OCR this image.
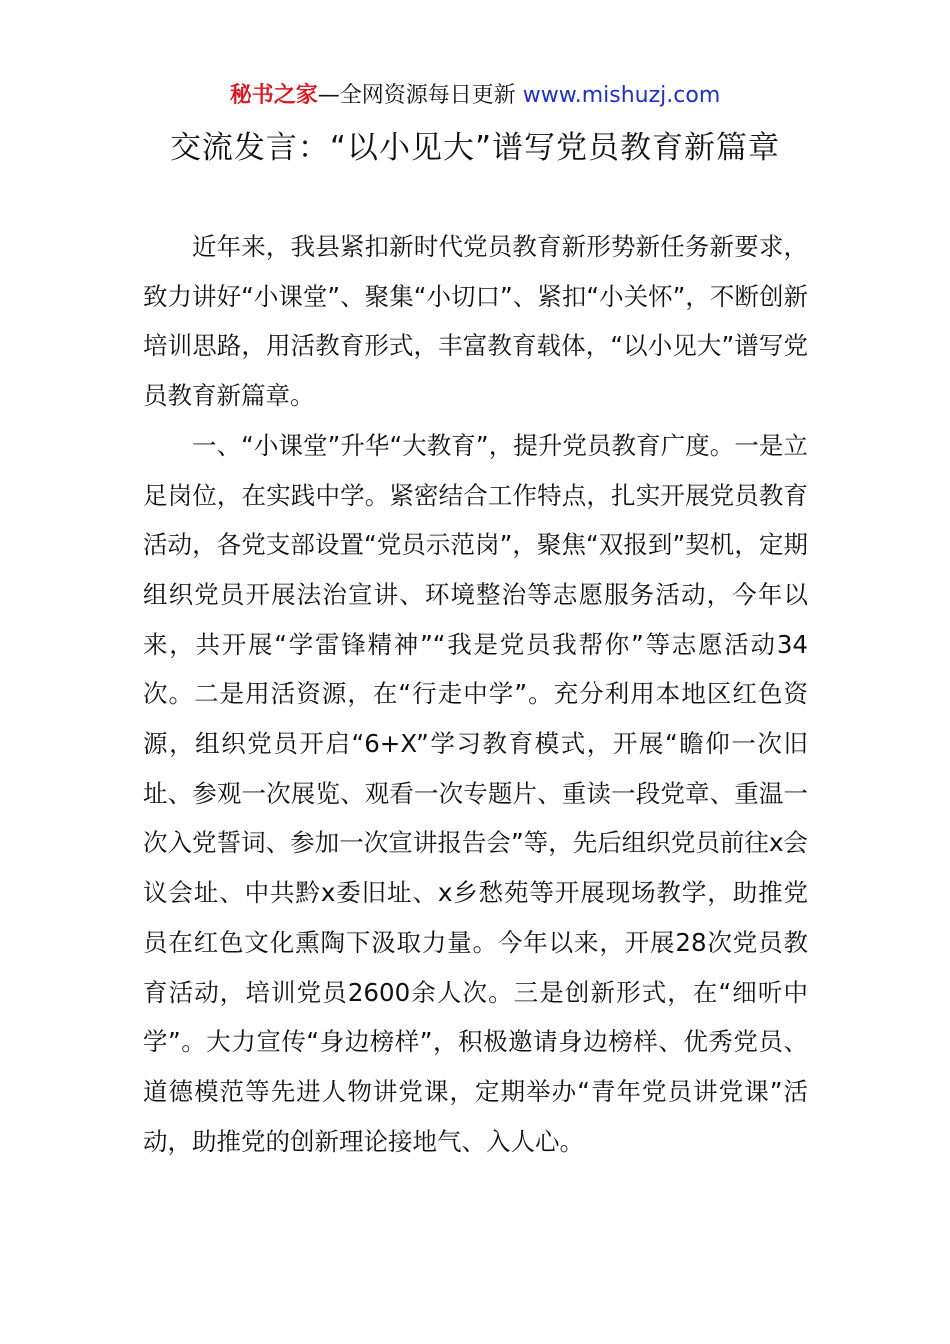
秘书之家—全网资源每日更新 www.mishuzj.com
交流发言：“以小见大”谱写党员教育新篇章

近年来，我县紧扣新时代党员教育新形势新任务新要求，致力讲好“小课堂”、聚集“小切口”、紧扣“小关怀”，不断创新培训思路，用活教育形式，丰富教育载体，“以小见大”谱写党员教育新篇章。

一、“小课堂”升华“大教育”，提升党员教育广度。一是立足岗位，在实践中学。紧密结合工作特点，扎实开展党员教育活动，各党支部设置“党员示范岗”，聚焦“双报到”契机，定期组织党员开展法治宣讲、环境整治等志愿服务活动，今年以来，共开展“学雷锋精神”“我是党员我帮你”等志愿活动34次。二是用活资源，在“行走中学”。充分利用本地区红色资源，组织党员开启“6+X”学习教育模式，开展“瞻仰一次旧址、参观一次展览、观看一次专题片、重读一段党章、重温一次入党誓词、参加一次宣讲报告会”等，先后组织党员前往x会议会址、中共黔x委旧址、x乡愁苑等开展现场教学，助推党员在红色文化熏陶下汲取力量。今年以来，开展28次党员教育活动，培训党员2600余人次。三是创新形式，在“细听中学”。大力宣传“身边榜样”，积极邀请身边榜样、优秀党员、道德模范等先进人物讲党课，定期举办“青年党员讲党课”活动，助推党的创新理论接地气、入人心。
